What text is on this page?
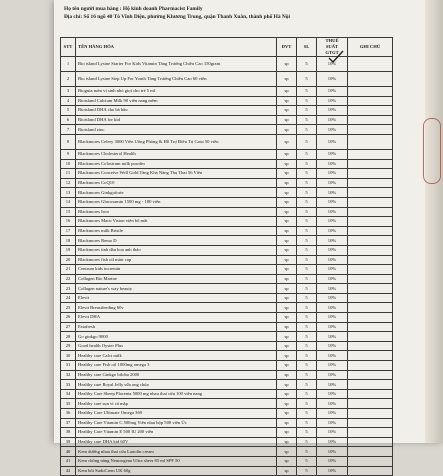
Họ tên người mua hàng : Hộ kinh doanh Pharmacist Family
Địa chỉ: Số 16 ngõ 40 Tô Vĩnh Diện, phường Khương Trung, quận Thanh Xuân, thành phố Hà Nội
STT	TÊN HÀNG HÓA	ĐVT	SL	THUẾ SUẤT GTGT	GHI CHÚ
1	Bio island Lysine Starter For Kids Vitamin Tăng Trưởng Chiều Cao 150gram	sp	5	10%	
2	Bio island Lysine Step Up For Youth Tăng Trưởng Chiều Cao 60 viên	sp	5	10%	
3	Bioguia nơm vị sinh nhỏ giọt cho trẻ 5 ml	sp	5	10%	
4	Bioisland Calcium Milk 90 viên nang mềm	sp	5	10%	
5	Bioisland DHA cho bà bầu	sp	5	10%	
6	Bioisland DHA for kid	sp	5	10%	
7	Bioisland zinc	sp	5	10%	
8	Blackmores Celery 3000 Viên Uống Phòng & Hỗ Trợ Điều Trị Gout 50 viên	sp	5	10%	
9	Blackmores Cholesterol Health	sp	5	10%	
10	Blackmores Colostrum milk powder	sp	5	10%	
11	Blackmores Conceive Well Gold Tăng Khả Năng Thụ Thai 56 Viên	sp	5	10%	
12	Blackmores CoQ10	sp	5	10%	
13	Blackmores Ginkgoforte	sp	5	10%	
14	Blackmores Glucosamin 1500 mg - 180 viên	sp	5	10%	
15	Blackmores Iron	sp	5	10%	
16	Blackmores Macu Vision viên bổ mắt	sp	5	10%	
17	Blackmores milk Bristle	sp	5	10%	
18	Blackmores Remo D	sp	5	10%	
19	Blackmores tinh dầu hoa anh thảo	sp	5	10%	
20	Blackmores fish oil mini cap	sp	5	10%	
21	Centrum kids incremin	sp	5	10%	
22	Collagen Bio Marine	sp	5	10%	
23	Collagen nature's way beauty	sp	5	10%	
24	Elevit	sp	5	10%	
25	Elevit Breastfeeding 60v	sp	5	10%	
26	Elevit DHA	sp	5	10%	
27	Fatafresh	sp	5	10%	
28	Go ginkgo 9000	sp	5	10%	
29	Good health Oyster Plus	sp	5	10%	
30	Healthy care Calci milk	sp	5	10%	
31	Healthy care Fish oil 1000mg omega 3	sp	5	10%	
32	Healthy care Ginkgo biloba 2000	sp	5	10%	
33	Healthy care Royal Jelly sữa ong chúa	sp	5	10%	
34	Healthy Care Sheep Placenta 5000 mg nhau thai cừu 100 viên nang	sp	5	10%	
35	Healthy care sụn vi cá mập	sp	5	10%	
36	Healthy Care Ultimate Omega 369	sp	5	10%	
37	Healthy Care Vitamin C 500mg Viên nhai hộp 500 viên Úc	sp	5	10%	
38	Healthy Care Vitamin E 500 IU 200 viên	sp	5	10%	
39	Healthy care DHA kid 60V	sp	5	10%	
40	Kem dưỡng nhau thai cừu Lanolin cream	sp	5	10%	
41	Kem chống nắng Neutrogena Ultra sheer 85 ml SPF 50	sp	5	10%	
42	Kem bôi SudoCrem UK 60g	sp	5	10%	
